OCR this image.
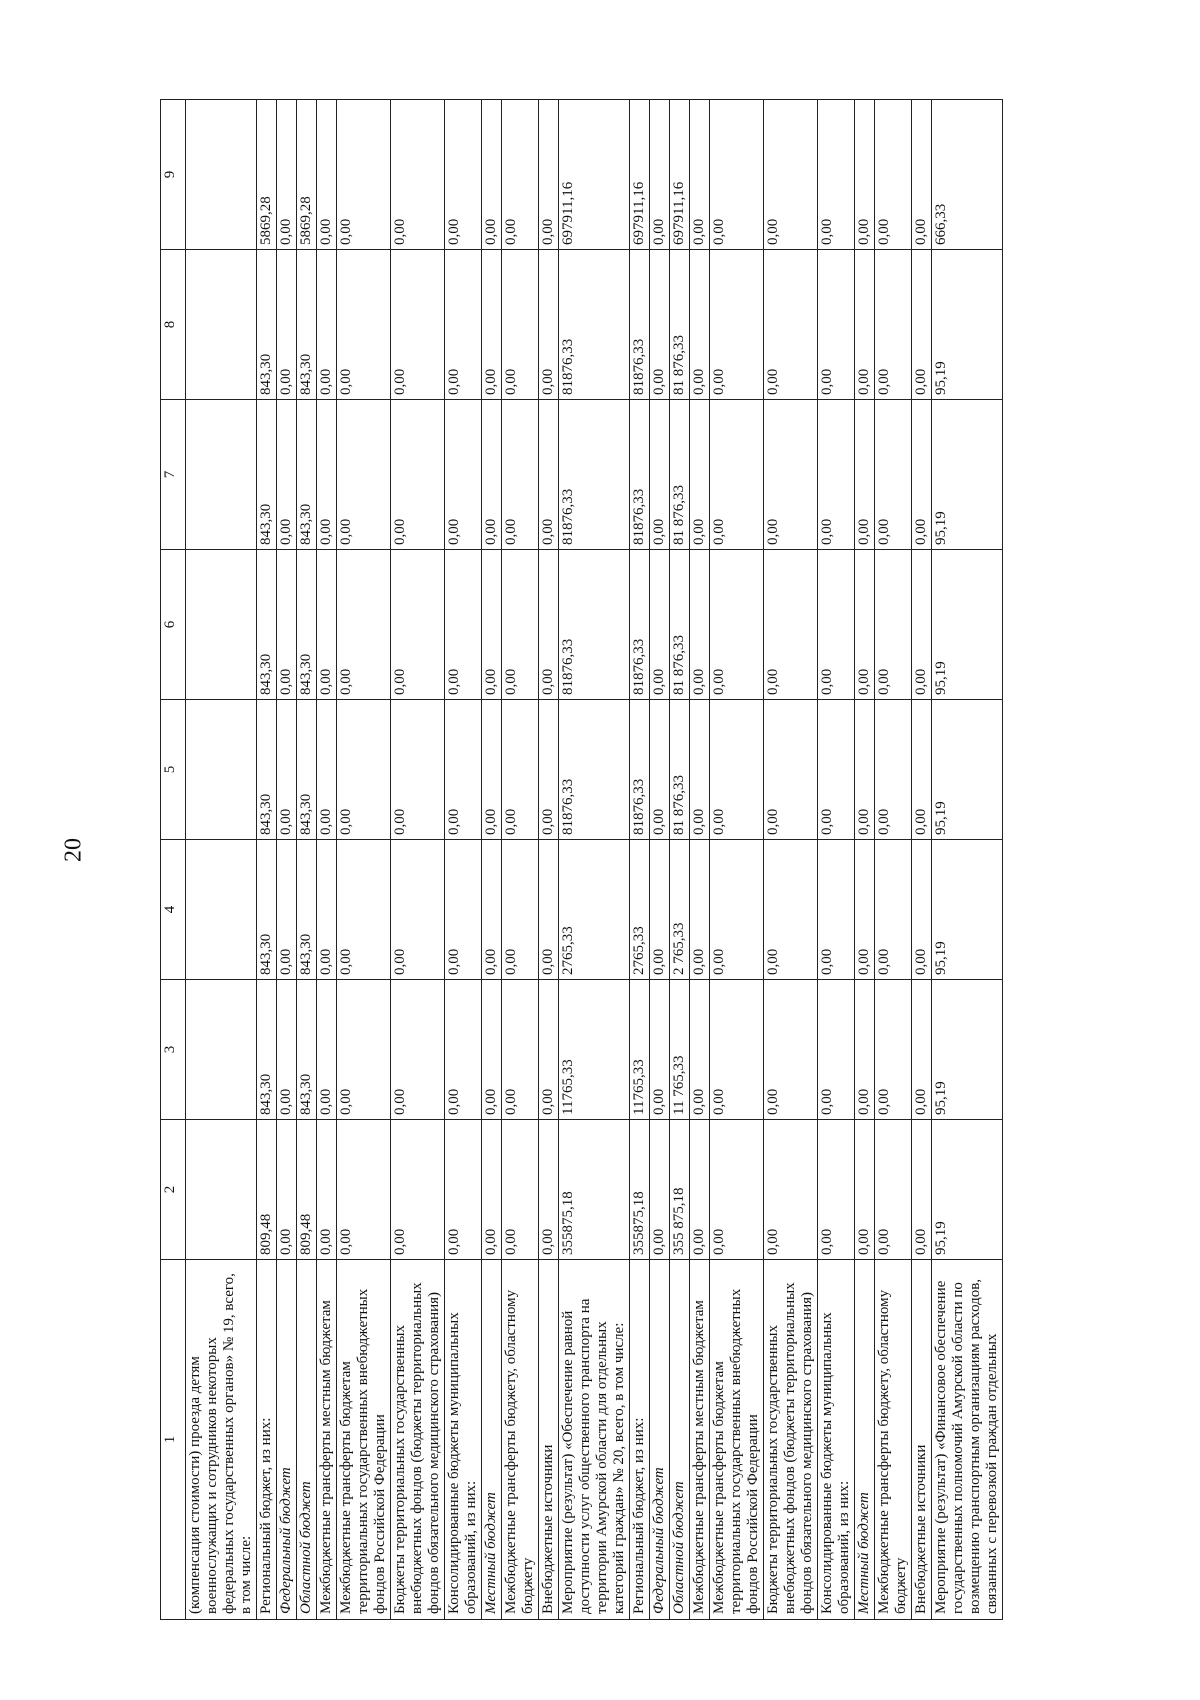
20
1	2	3	4	5	6	7	8	9
(компенсация стоимости) проезда детям военнослужащих и сотрудников некоторых федеральных государственных органов» № 19, всего, в том числе:								
Региональный бюджет, из них:	809,48	843,30	843,30	843,30	843,30	843,30	843,30	5869,28
Федеральный бюджет	0,00	0,00	0,00	0,00	0,00	0,00	0,00	0,00
Областной бюджет	809,48	843,30	843,30	843,30	843,30	843,30	843,30	5869,28
Межбюджетные трансферты местным бюджетам	0,00	0,00	0,00	0,00	0,00	0,00	0,00	0,00
Межбюджетные трансферты бюджетам территориальных государственных внебюджетных фондов Российской Федерации	0,00	0,00	0,00	0,00	0,00	0,00	0,00	0,00
Бюджеты территориальных государственных внебюджетных фондов (бюджеты территориальных фондов обязательного медицинского страхования)	0,00	0,00	0,00	0,00	0,00	0,00	0,00	0,00
Консолидированные бюджеты муниципальных образований, из них:	0,00	0,00	0,00	0,00	0,00	0,00	0,00	0,00
Местный бюджет	0,00	0,00	0,00	0,00	0,00	0,00	0,00	0,00
Межбюджетные трансферты бюджету, областному бюджету	0,00	0,00	0,00	0,00	0,00	0,00	0,00	0,00
Внебюджетные источники	0,00	0,00	0,00	0,00	0,00	0,00	0,00	0,00
Мероприятие (результат) «Обеспечение равной доступности услуг общественного транспорта на территории Амурской области для отдельных категорий граждан» № 20, всего, в том числе:	355875,18	11765,33	2765,33	81876,33	81876,33	81876,33	81876,33	697911,16
Региональный бюджет, из них:	355875,18	11765,33	2765,33	81876,33	81876,33	81876,33	81876,33	697911,16
Федеральный бюджет	0,00	0,00	0,00	0,00	0,00	0,00	0,00	0,00
Областной бюджет	355 875,18	11 765,33	2 765,33	81 876,33	81 876,33	81 876,33	81 876,33	697911,16
Межбюджетные трансферты местным бюджетам	0,00	0,00	0,00	0,00	0,00	0,00	0,00	0,00
Межбюджетные трансферты бюджетам территориальных государственных внебюджетных фондов Российской Федерации	0,00	0,00	0,00	0,00	0,00	0,00	0,00	0,00
Бюджеты территориальных государственных внебюджетных фондов (бюджеты территориальных фондов обязательного медицинского страхования)	0,00	0,00	0,00	0,00	0,00	0,00	0,00	0,00
Консолидированные бюджеты муниципальных образований, из них:	0,00	0,00	0,00	0,00	0,00	0,00	0,00	0,00
Местный бюджет	0,00	0,00	0,00	0,00	0,00	0,00	0,00	0,00
Межбюджетные трансферты бюджету, областному бюджету	0,00	0,00	0,00	0,00	0,00	0,00	0,00	0,00
Внебюджетные источники	0,00	0,00	0,00	0,00	0,00	0,00	0,00	0,00
Мероприятие (результат) «Финансовое обеспечение государственных полномочий Амурской области по возмещению транспортным организациям расходов, связанных с перевозкой граждан отдельных	95,19	95,19	95,19	95,19	95,19	95,19	95,19	666,33
